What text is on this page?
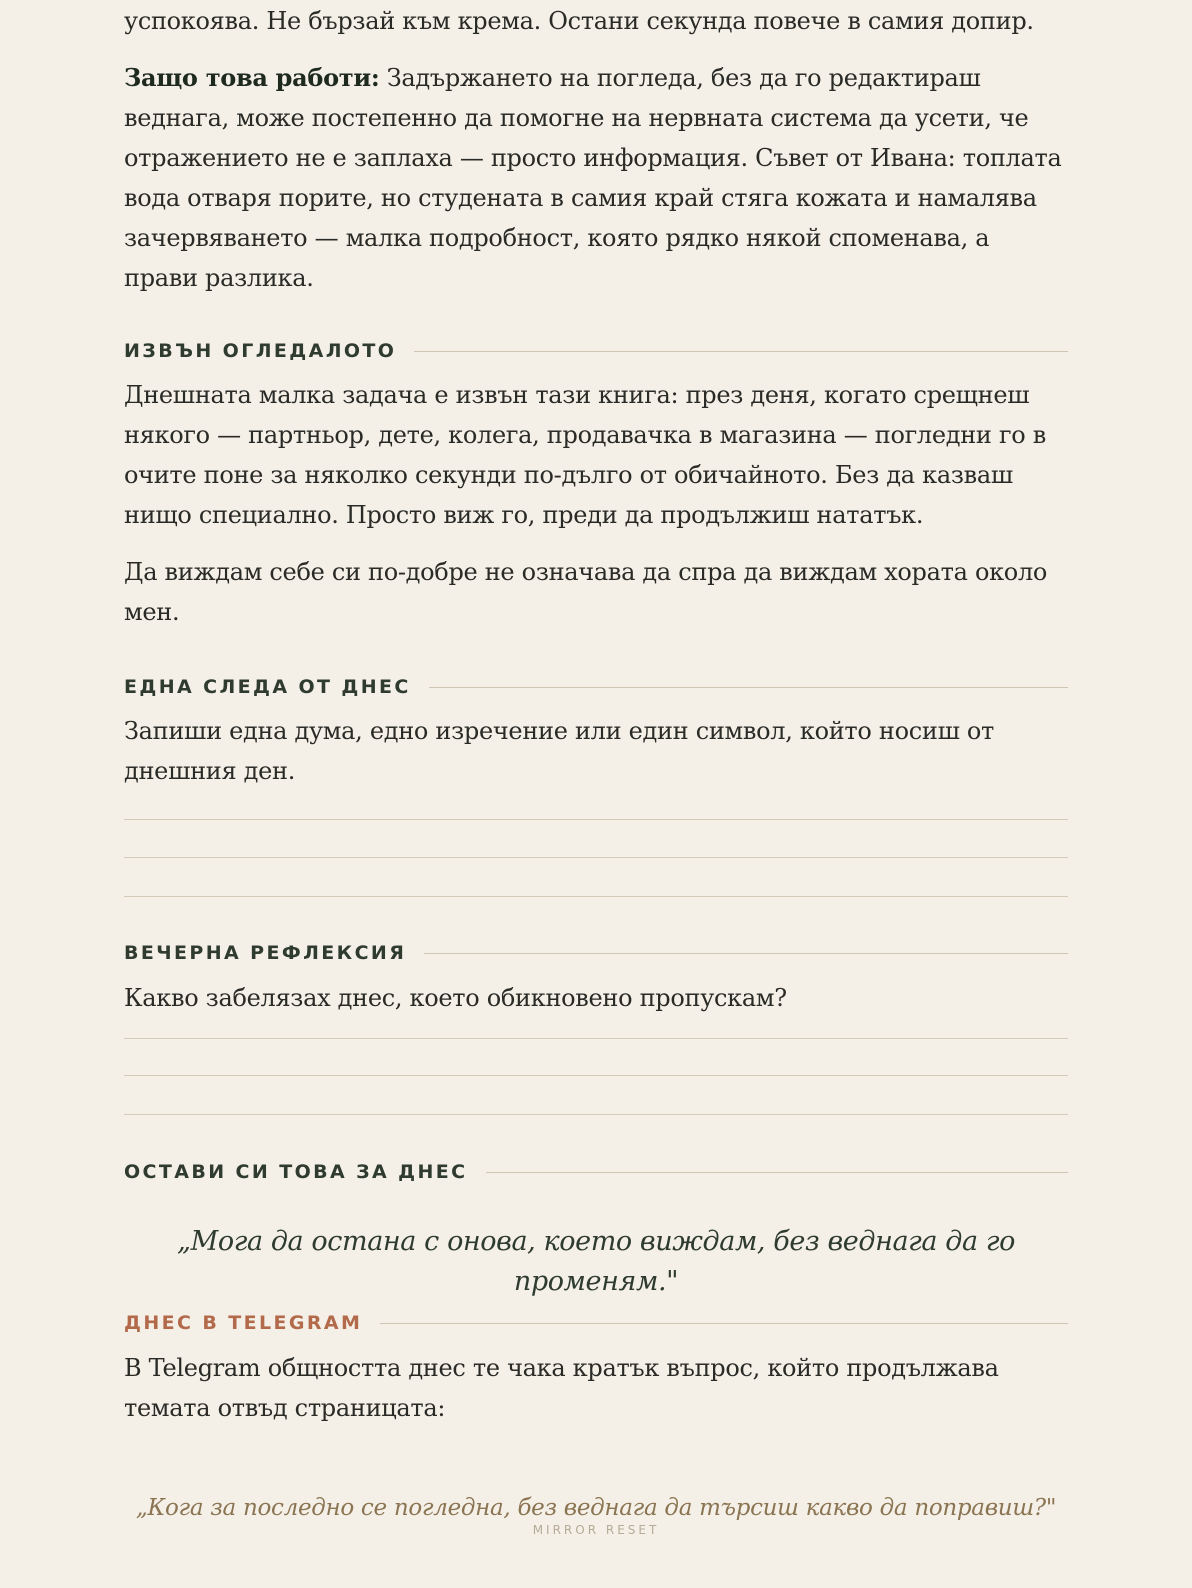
успокоява. Не бързай към крема. Остани секунда повече в самия допир.

Защо това работи: Задържането на погледа, без да го редактираш веднага, може постепенно да помогне на нервната система да усети, че отражението не е заплаха — просто информация. Съвет от Ивана: топлата вода отваря порите, но студената в самия край стяга кожата и намалява зачервяването — малка подробност, която рядко някой споменава, а прави разлика.

ИЗВЪН ОГЛЕДАЛОТО

Днешната малка задача е извън тази книга: през деня, когато срещнеш някого — партньор, дете, колега, продавачка в магазина — погледни го в очите поне за няколко секунди по-дълго от обичайното. Без да казваш нищо специално. Просто виж го, преди да продължиш нататък.

Да виждам себе си по-добре не означава да спра да виждам хората около мен.

ЕДНА СЛЕДА ОТ ДНЕС

Запиши една дума, едно изречение или един символ, който носиш от днешния ден.

ВЕЧЕРНА РЕФЛЕКСИЯ

Какво забелязах днес, което обикновено пропускам?

ОСТАВИ СИ ТОВА ЗА ДНЕС
„Мога да остана с онова, което виждам, без веднага да го променям."
ДНЕС В TELEGRAM

В Telegram общността днес те чака кратък въпрос, който продължава темата отвъд страницата:

„Кога за последно се погледна, без веднага да търсиш какво да поправиш?"
MIRROR RESET
